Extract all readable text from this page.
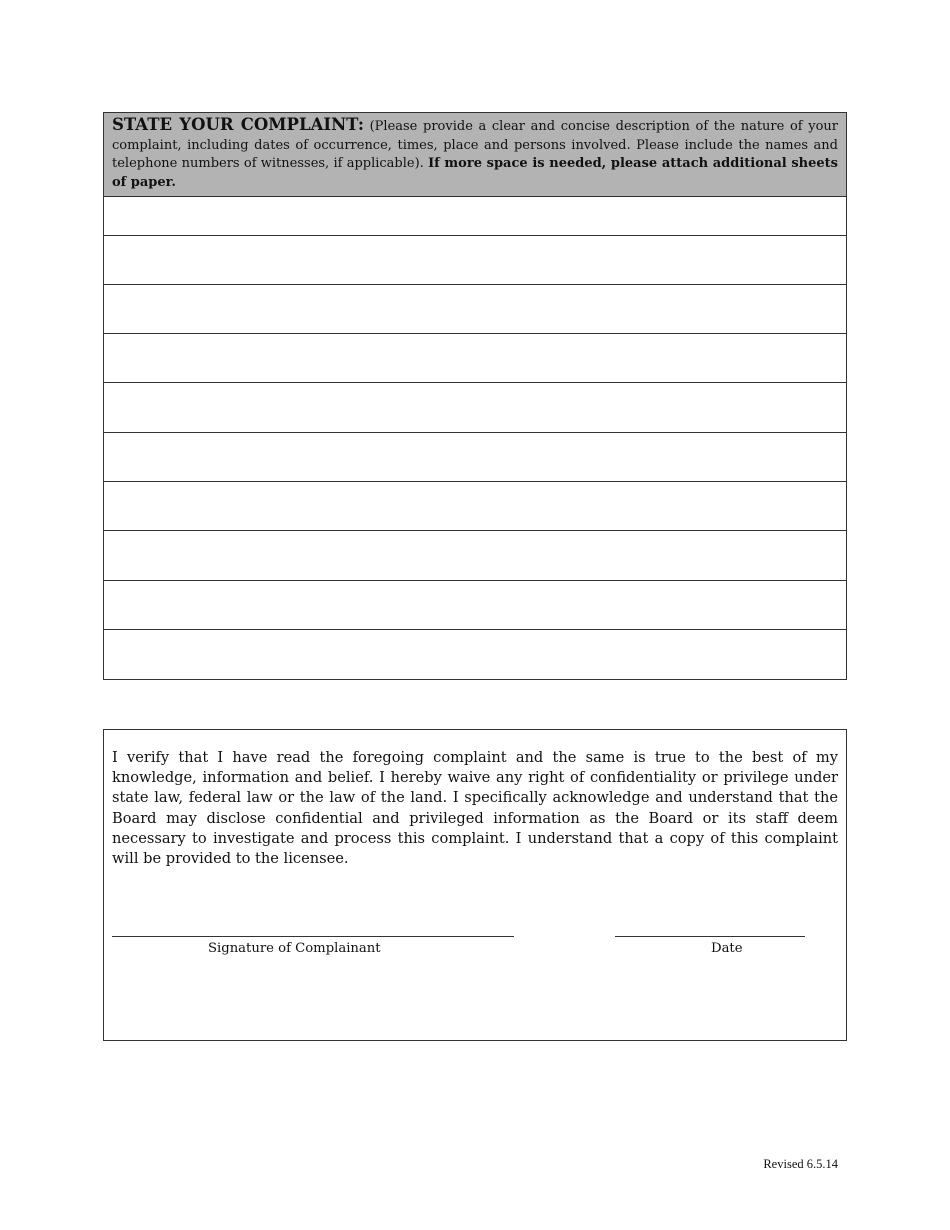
STATE YOUR COMPLAINT: (Please provide a clear and concise description of the nature of your complaint, including dates of occurrence, times, place and persons involved. Please include the names and telephone numbers of witnesses, if applicable). If more space is needed, please attach additional sheets of paper.

I verify that I have read the foregoing complaint and the same is true to the best of my knowledge, information and belief. I hereby waive any right of confidentiality or privilege under state law, federal law or the law of the land. I specifically acknowledge and understand that the Board may disclose confidential and privileged information as the Board or its staff deem necessary to investigate and process this complaint. I understand that a copy of this complaint will be provided to the licensee.

Signature of Complainant	Date
Revised 6.5.14
